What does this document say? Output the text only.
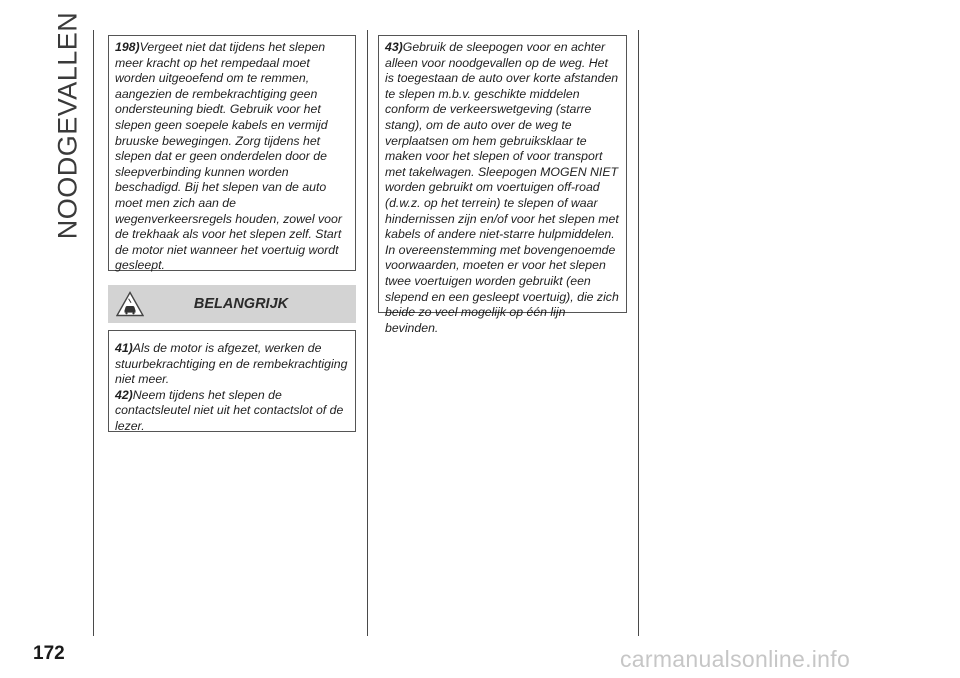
NOODGEVALLEN	198)Vergeet niet dat tijdens het slepen meer kracht op het rempedaal moet worden uitgeoefend om te remmen, aangezien de rembekrachtiging geen ondersteuning biedt. Gebruik voor het slepen geen soepele kabels en vermijd bruuske bewegingen. Zorg tijdens het slepen dat er geen onderdelen door de sleepverbinding kunnen worden beschadigd. Bij het slepen van de auto moet men zich aan de wegenverkeersregels houden, zowel voor de trekhaak als voor het slepen zelf. Start de motor niet wanneer het voertuig wordt gesleept.

BELANGRIJK

41)Als de motor is afgezet, werken de stuurbekrachtiging en de rembekrachtiging niet meer.

42)Neem tijdens het slepen de contactsleutel niet uit het contactslot of de lezer.

43)Gebruik de sleepogen voor en achter alleen voor noodgevallen op de weg. Het is toegestaan de auto over korte afstanden te slepen m.b.v. geschikte middelen conform de verkeerswetgeving (starre stang), om de auto over de weg te verplaatsen om hem gebruiksklaar te maken voor het slepen of voor transport met takelwagen. Sleepogen MOGEN NIET worden gebruikt om voertuigen off-road (d.w.z. op het terrein) te slepen of waar hindernissen zijn en/of voor het slepen met kabels of andere niet-starre hulpmiddelen. In overeenstemming met bovengenoemde voorwaarden, moeten er voor het slepen twee voertuigen worden gebruikt (een slepend en een gesleept voertuig), die zich beide zo veel mogelijk op één lijn bevinden.

172	carmanualsonline.info
